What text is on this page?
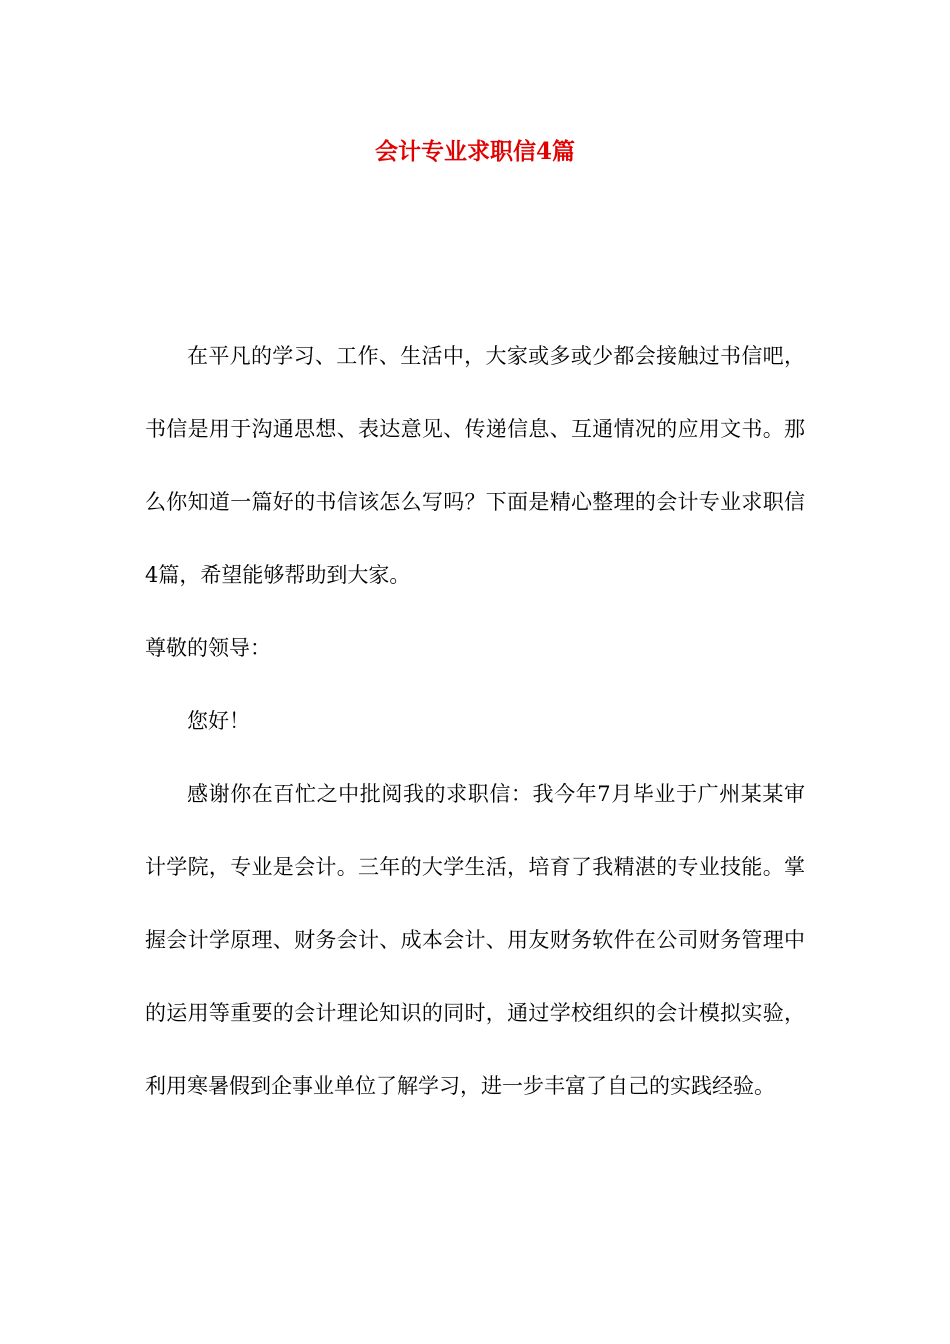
会计专业求职信4篇

在平凡的学习、工作、生活中，大家或多或少都会接触过书信吧，书信是用于沟通思想、表达意见、传递信息、互通情况的应用文书。那么你知道一篇好的书信该怎么写吗？下面是精心整理的会计专业求职信4篇，希望能够帮助到大家。

尊敬的领导：

您好！

感谢你在百忙之中批阅我的求职信：我今年7月毕业于广州某某审计学院，专业是会计。三年的大学生活，培育了我精湛的专业技能。掌握会计学原理、财务会计、成本会计、用友财务软件在公司财务管理中的运用等重要的会计理论知识的同时，通过学校组织的会计模拟实验，利用寒暑假到企事业单位了解学习，进一步丰富了自己的实践经验。
